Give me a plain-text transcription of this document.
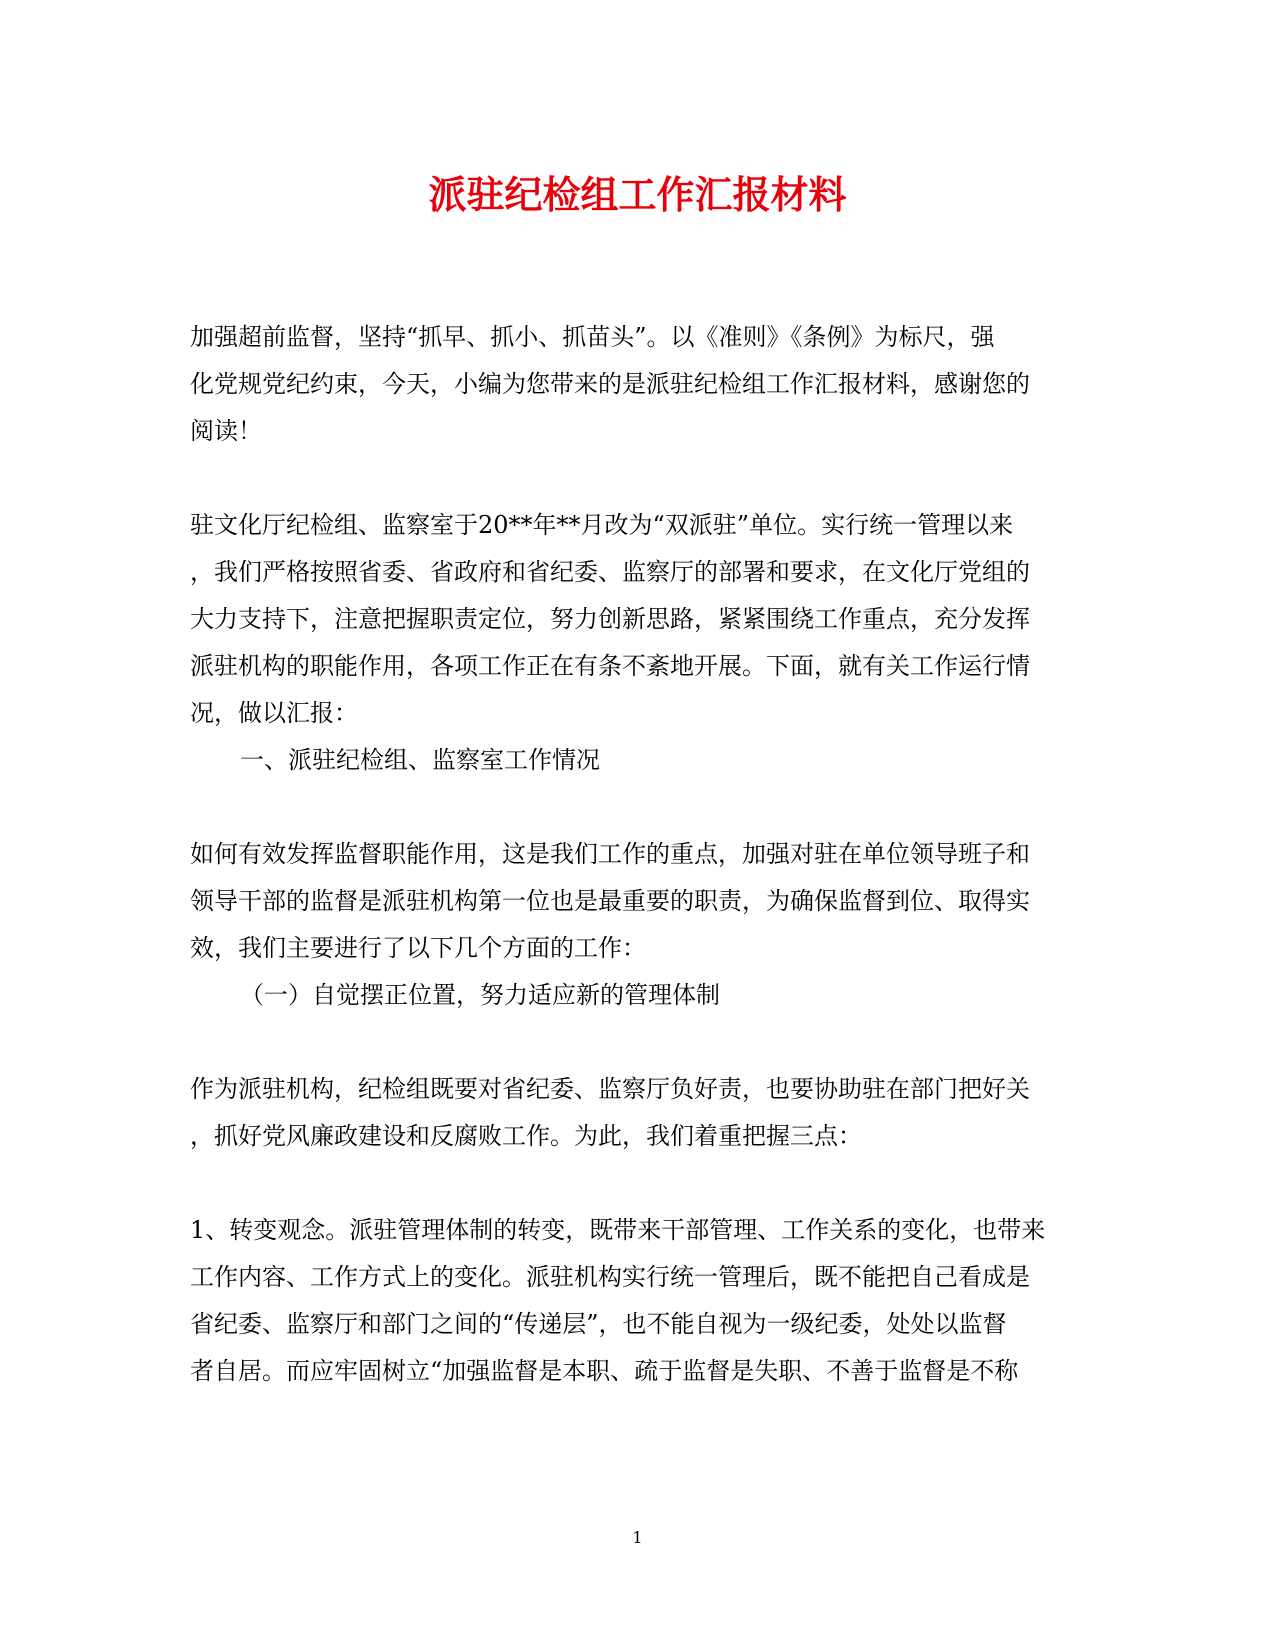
派驻纪检组工作汇报材料
加强超前监督，坚持“抓早、抓小、抓苗头”。以《准则》《条例》为标尺，强
化党规党纪约束，今天，小编为您带来的是派驻纪检组工作汇报材料，感谢您的
阅读！
驻文化厅纪检组、监察室于20**年**月改为“双派驻”单位。实行统一管理以来
，我们严格按照省委、省政府和省纪委、监察厅的部署和要求，在文化厅党组的
大力支持下，注意把握职责定位，努力创新思路，紧紧围绕工作重点，充分发挥
派驻机构的职能作用，各项工作正在有条不紊地开展。下面，就有关工作运行情
况，做以汇报：
一、派驻纪检组、监察室工作情况
如何有效发挥监督职能作用，这是我们工作的重点，加强对驻在单位领导班子和
领导干部的监督是派驻机构第一位也是最重要的职责，为确保监督到位、取得实
效，我们主要进行了以下几个方面的工作：
（一）自觉摆正位置，努力适应新的管理体制
作为派驻机构，纪检组既要对省纪委、监察厅负好责，也要协助驻在部门把好关
，抓好党风廉政建设和反腐败工作。为此，我们着重把握三点：
1、转变观念。派驻管理体制的转变，既带来干部管理、工作关系的变化，也带来
工作内容、工作方式上的变化。派驻机构实行统一管理后，既不能把自己看成是
省纪委、监察厅和部门之间的“传递层”，也不能自视为一级纪委，处处以监督
者自居。而应牢固树立“加强监督是本职、疏于监督是失职、不善于监督是不称
1
